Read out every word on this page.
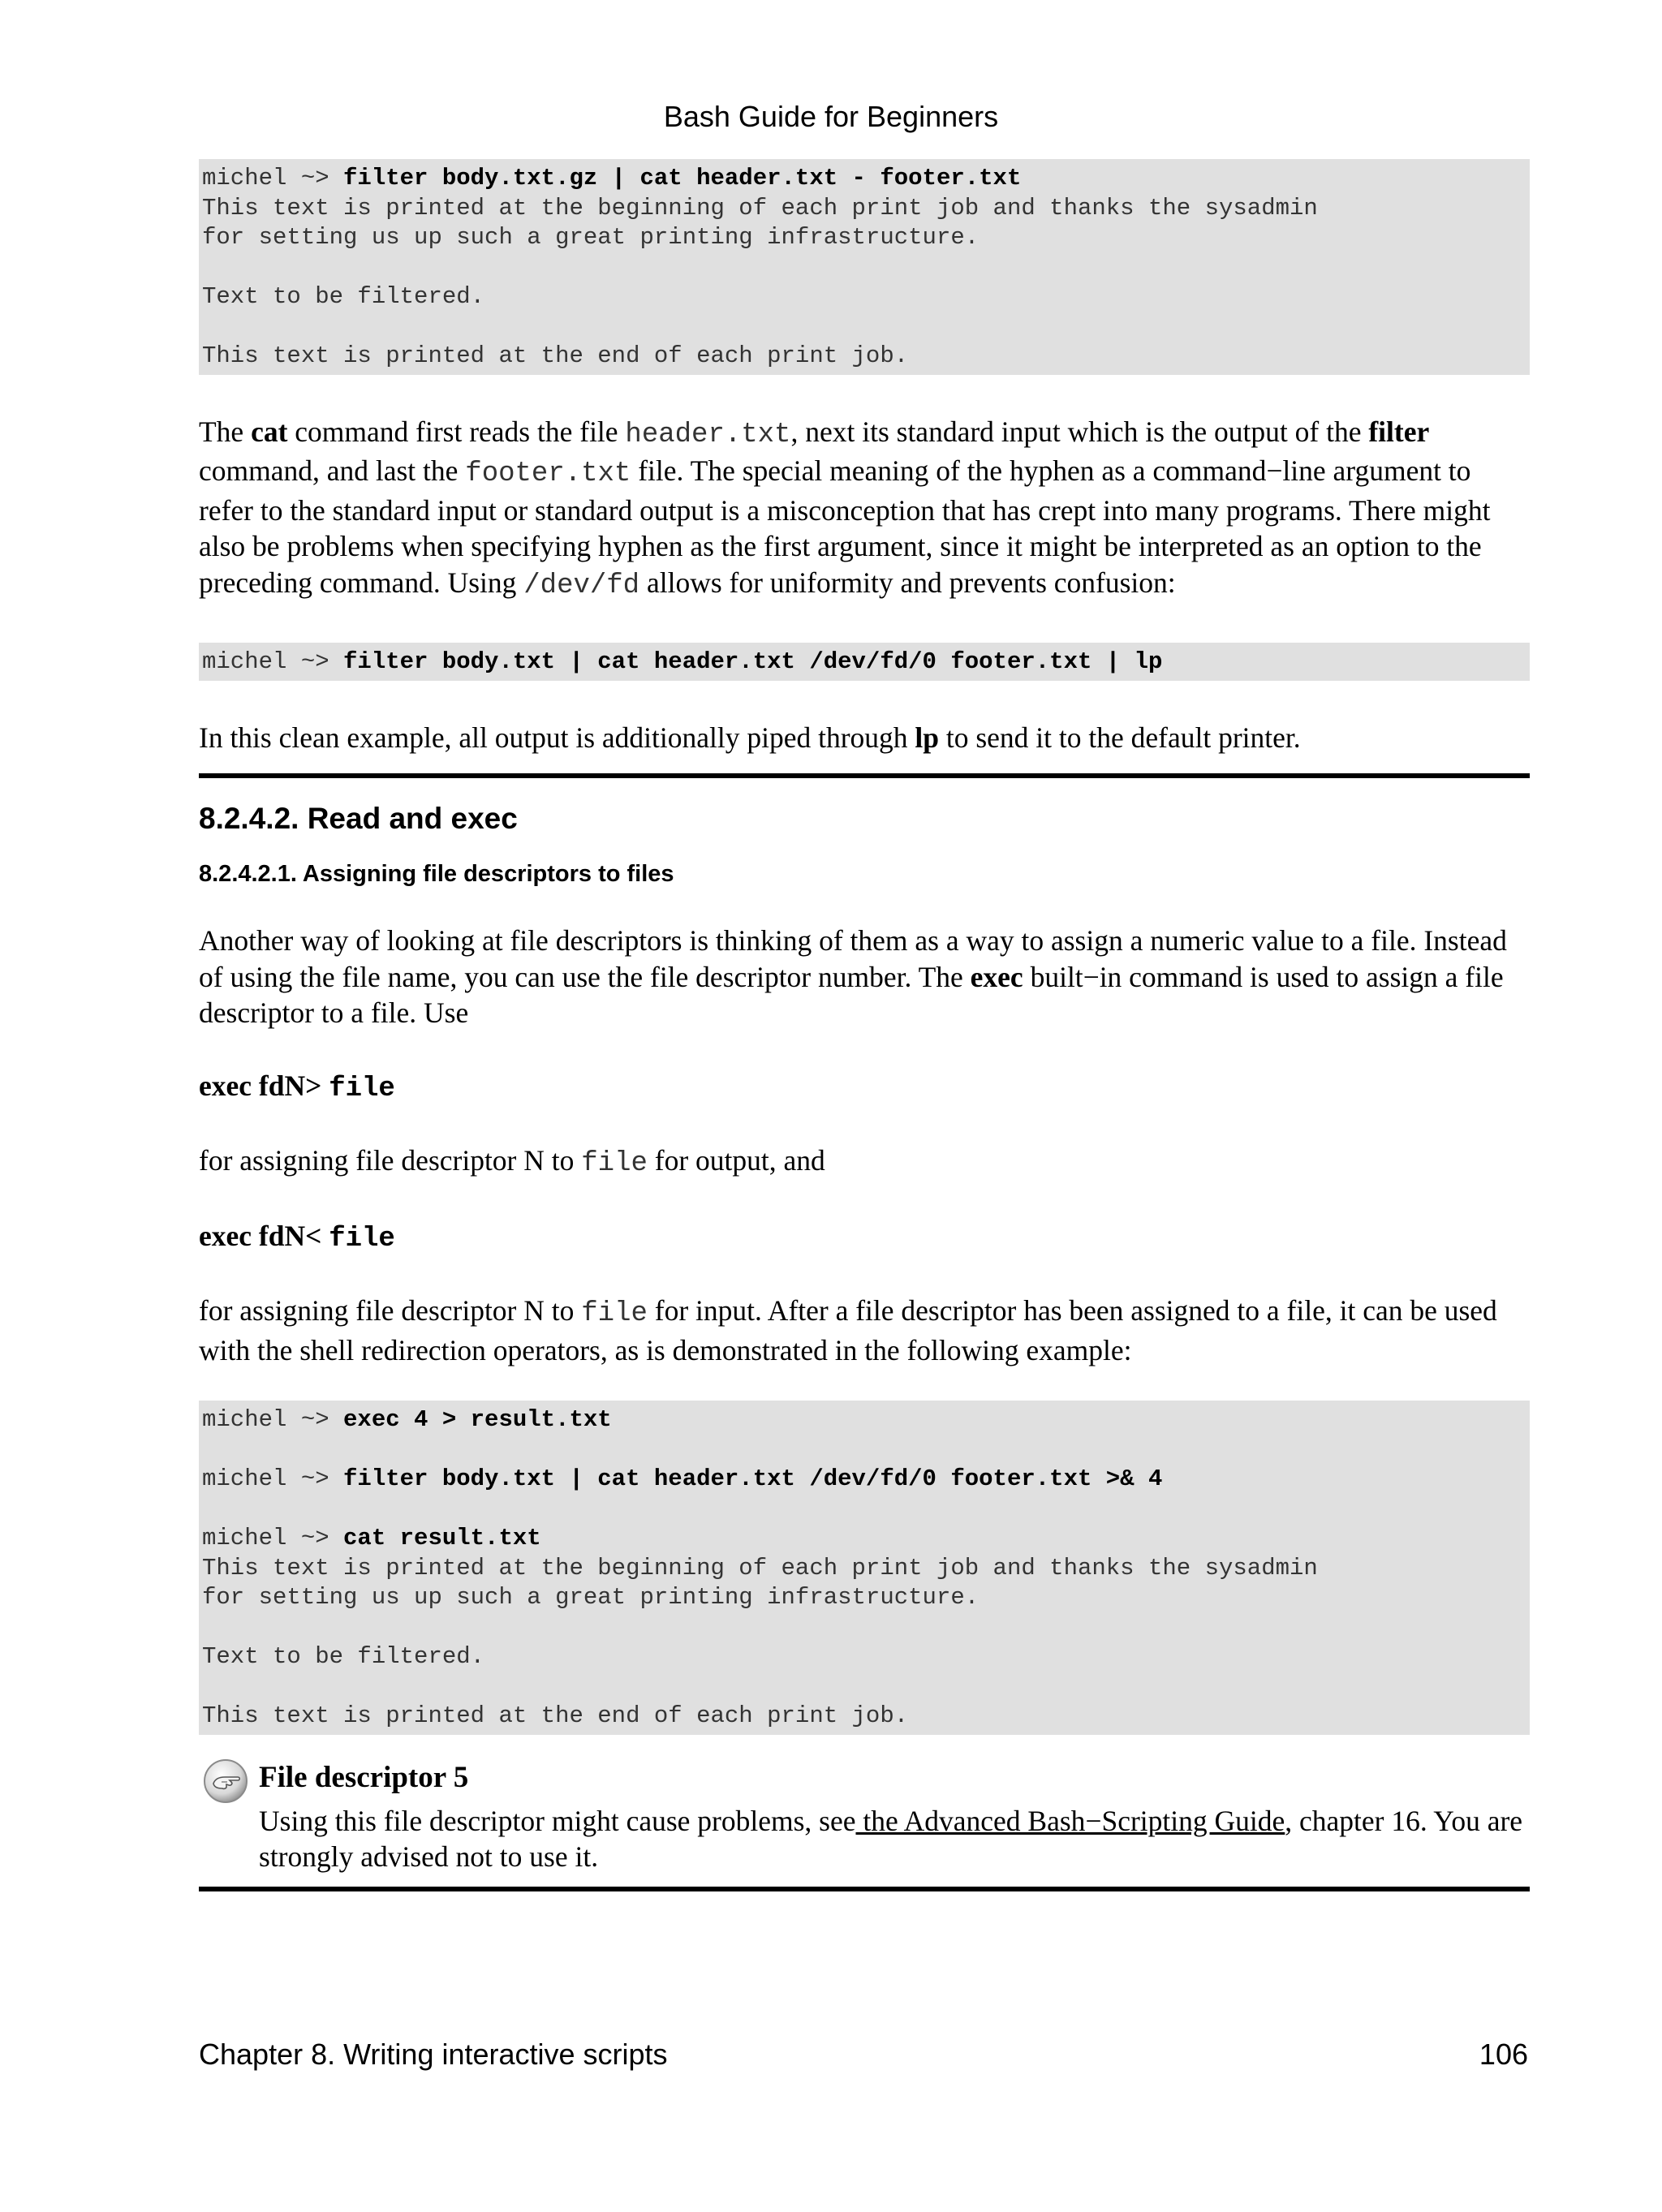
Bash Guide for Beginners
michel ~> filter body.txt.gz | cat header.txt - footer.txt
This text is printed at the beginning of each print job and thanks the sysadmin
for setting us up such a great printing infrastructure.

Text to be filtered.

This text is printed at the end of each print job.

The cat command first reads the file header.txt, next its standard input which is the output of the filter command, and last the footer.txt file. The special meaning of the hyphen as a command−line argument to refer to the standard input or standard output is a misconception that has crept into many programs. There might also be problems when specifying hyphen as the first argument, since it might be interpreted as an option to the preceding command. Using /dev/fd allows for uniformity and prevents confusion:

michel ~> filter body.txt | cat header.txt /dev/fd/0 footer.txt | lp

In this clean example, all output is additionally piped through lp to send it to the default printer.

8.2.4.2. Read and exec
8.2.4.2.1. Assigning file descriptors to files

Another way of looking at file descriptors is thinking of them as a way to assign a numeric value to a file. Instead of using the file name, you can use the file descriptor number. The exec built−in command is used to assign a file descriptor to a file. Use

exec fdN> file

for assigning file descriptor N to file for output, and

exec fdN< file

for assigning file descriptor N to file for input. After a file descriptor has been assigned to a file, it can be used with the shell redirection operators, as is demonstrated in the following example:

michel ~> exec 4 > result.txt

michel ~> filter body.txt | cat header.txt /dev/fd/0 footer.txt >& 4

michel ~> cat result.txt
This text is printed at the beginning of each print job and thanks the sysadmin
for setting us up such a great printing infrastructure.

Text to be filtered.

This text is printed at the end of each print job.
File descriptor 5
Using this file descriptor might cause problems, see the Advanced Bash−Scripting Guide, chapter 16. You are strongly advised not to use it.
Chapter 8. Writing interactive scripts	106
